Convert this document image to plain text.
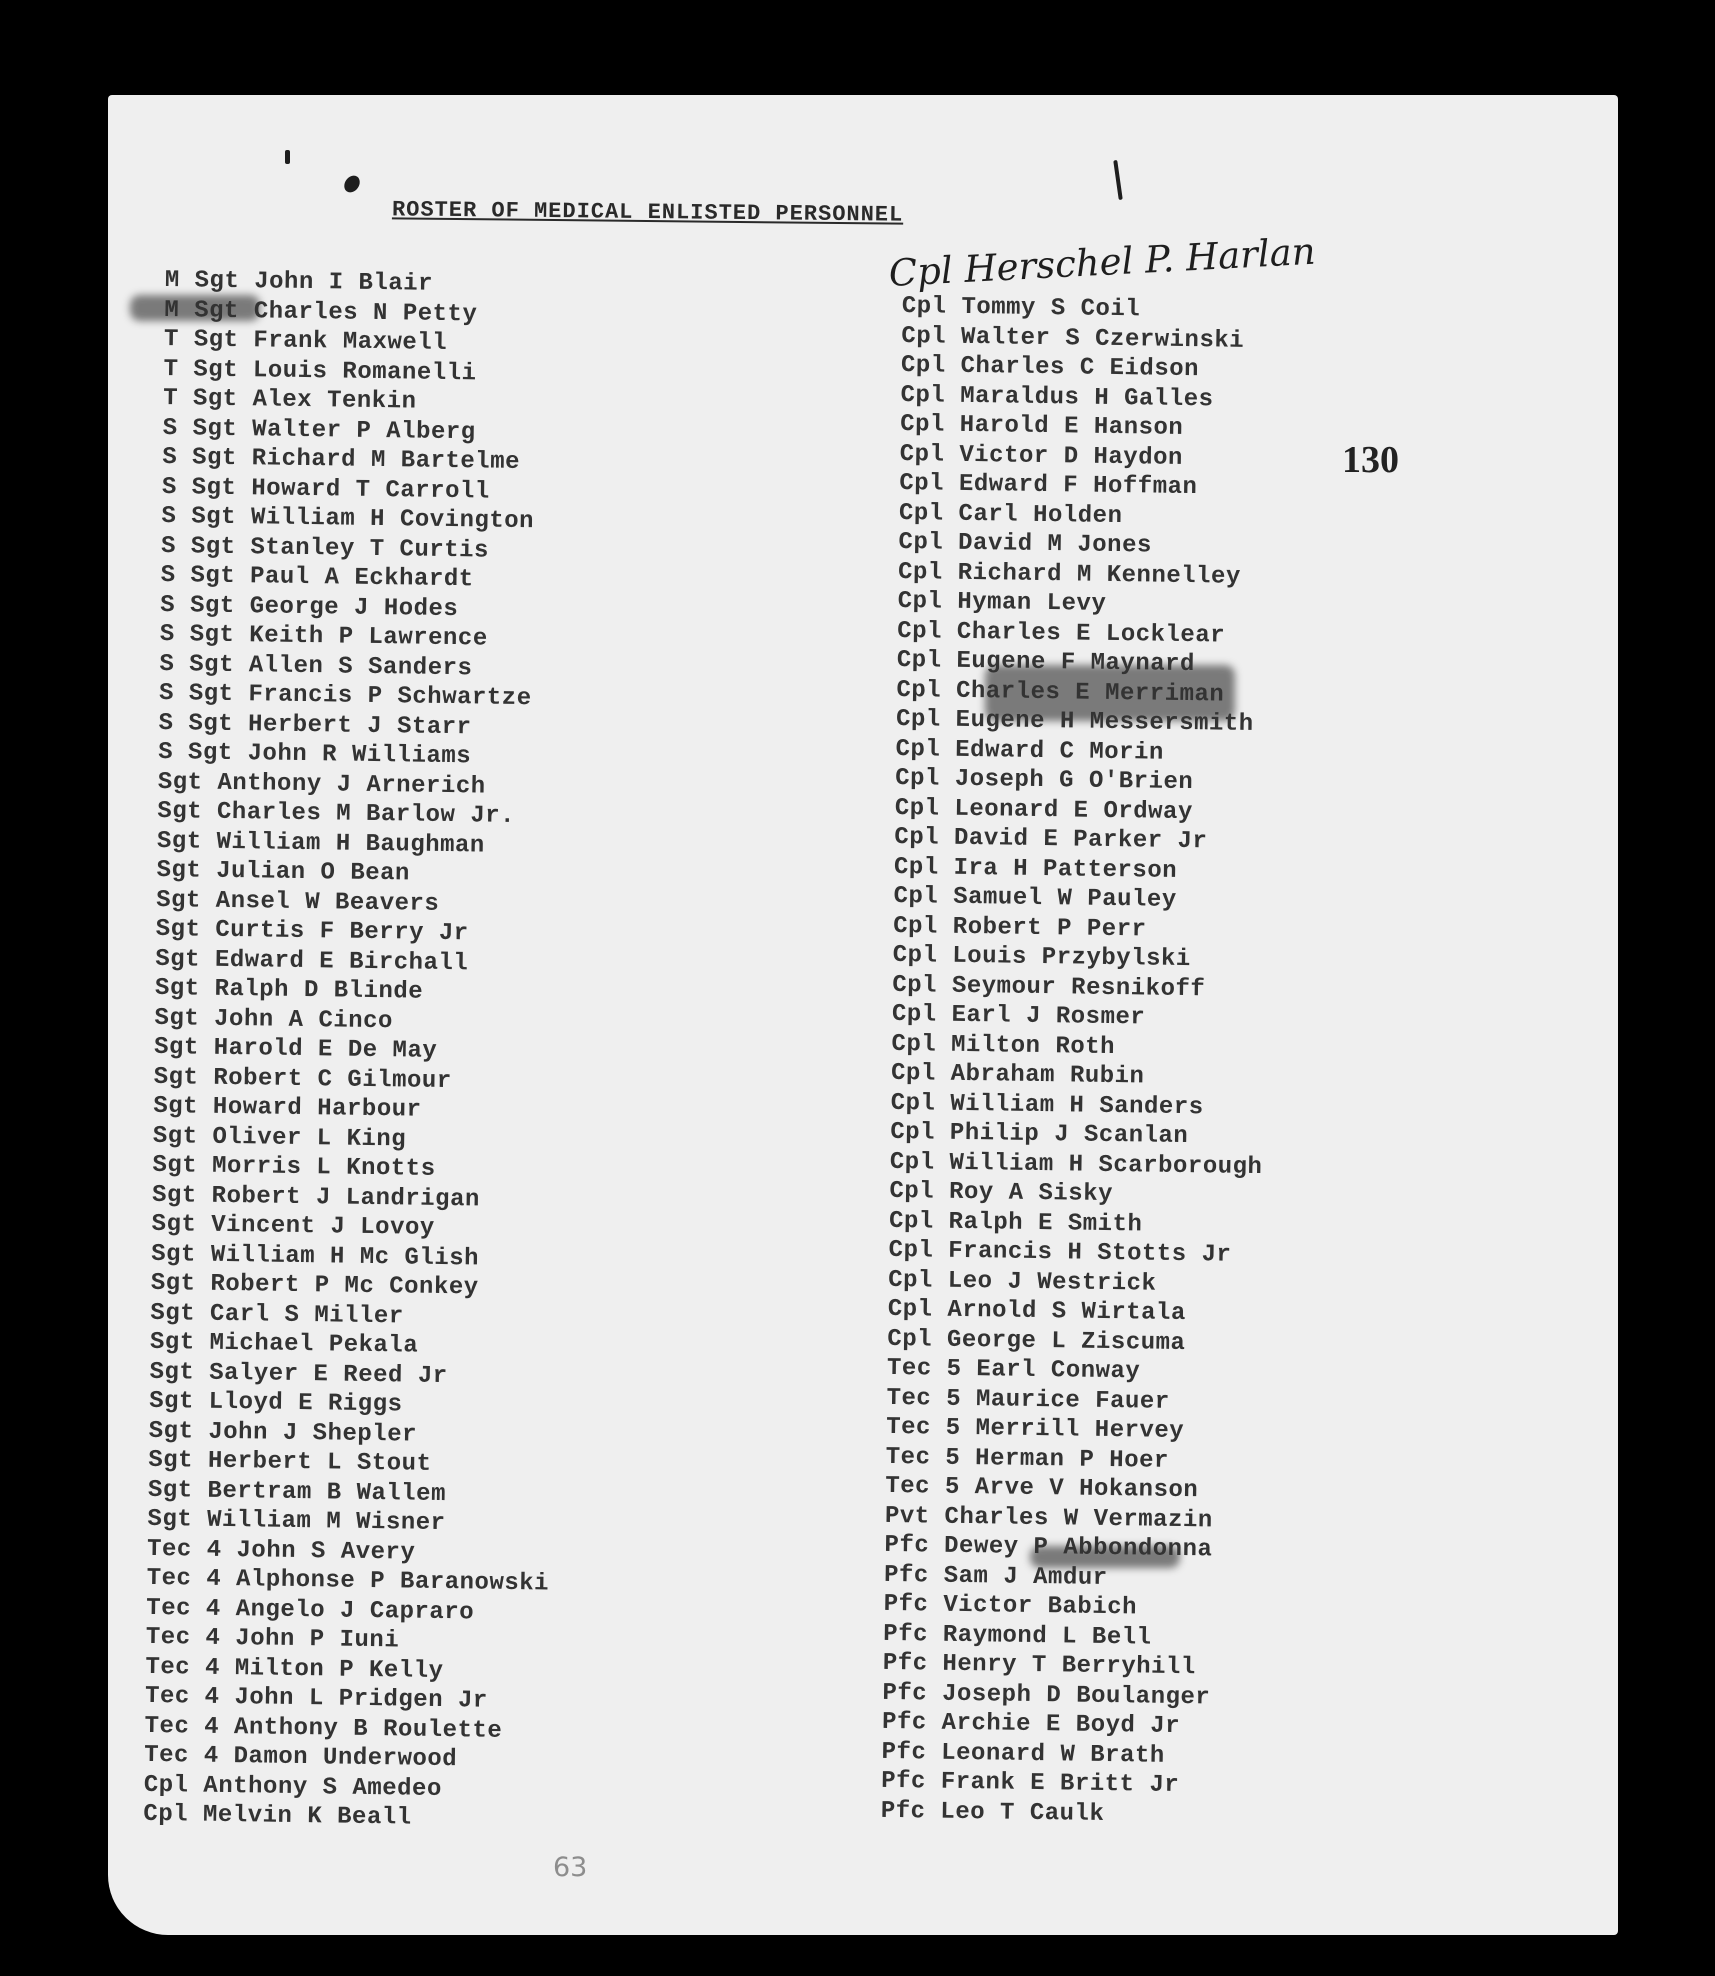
ROSTER OF MEDICAL ENLISTED PERSONNEL
Cpl Herschel P. Harlan
130
M Sgt John I Blair
M Sgt Charles N Petty
T Sgt Frank Maxwell
T Sgt Louis Romanelli
T Sgt Alex Tenkin
S Sgt Walter P Alberg
S Sgt Richard M Bartelme
S Sgt Howard T Carroll
S Sgt William H Covington
S Sgt Stanley T Curtis
S Sgt Paul A Eckhardt
S Sgt George J Hodes
S Sgt Keith P Lawrence
S Sgt Allen S Sanders
S Sgt Francis P Schwartze
S Sgt Herbert J Starr
S Sgt John R Williams
Sgt Anthony J Arnerich
Sgt Charles M Barlow Jr.
Sgt William H Baughman
Sgt Julian O Bean
Sgt Ansel W Beavers
Sgt Curtis F Berry Jr
Sgt Edward E Birchall
Sgt Ralph D Blinde
Sgt John A Cinco
Sgt Harold E De May
Sgt Robert C Gilmour
Sgt Howard Harbour
Sgt Oliver L King
Sgt Morris L Knotts
Sgt Robert J Landrigan
Sgt Vincent J Lovoy
Sgt William H Mc Glish
Sgt Robert P Mc Conkey
Sgt Carl S Miller
Sgt Michael Pekala
Sgt Salyer E Reed Jr
Sgt Lloyd E Riggs
Sgt John J Shepler
Sgt Herbert L Stout
Sgt Bertram B Wallem
Sgt William M Wisner
Tec 4 John S Avery
Tec 4 Alphonse P Baranowski
Tec 4 Angelo J Capraro
Tec 4 John P Iuni
Tec 4 Milton P Kelly
Tec 4 John L Pridgen Jr
Tec 4 Anthony B Roulette
Tec 4 Damon Underwood
Cpl Anthony S Amedeo
Cpl Melvin K Beall
Cpl Tommy S Coil
Cpl Walter S Czerwinski
Cpl Charles C Eidson
Cpl Maraldus H Galles
Cpl Harold E Hanson
Cpl Victor D Haydon
Cpl Edward F Hoffman
Cpl Carl Holden
Cpl David M Jones
Cpl Richard M Kennelley
Cpl Hyman Levy
Cpl Charles E Locklear
Cpl Eugene F Maynard
Cpl Charles E Merriman
Cpl Eugene H Messersmith
Cpl Edward C Morin
Cpl Joseph G O'Brien
Cpl Leonard E Ordway
Cpl David E Parker Jr
Cpl Ira H Patterson
Cpl Samuel W Pauley
Cpl Robert P Perr
Cpl Louis Przybylski
Cpl Seymour Resnikoff
Cpl Earl J Rosmer
Cpl Milton Roth
Cpl Abraham Rubin
Cpl William H Sanders
Cpl Philip J Scanlan
Cpl William H Scarborough
Cpl Roy A Sisky
Cpl Ralph E Smith
Cpl Francis H Stotts Jr
Cpl Leo J Westrick
Cpl Arnold S Wirtala
Cpl George L Ziscuma
Tec 5 Earl Conway
Tec 5 Maurice Fauer
Tec 5 Merrill Hervey
Tec 5 Herman P Hoer
Tec 5 Arve V Hokanson
Pvt Charles W Vermazin
Pfc Dewey P Abbondonna
Pfc Sam J Amdur
Pfc Victor Babich
Pfc Raymond L Bell
Pfc Henry T Berryhill
Pfc Joseph D Boulanger
Pfc Archie E Boyd Jr
Pfc Leonard W Brath
Pfc Frank E Britt Jr
Pfc Leo T Caulk
63
